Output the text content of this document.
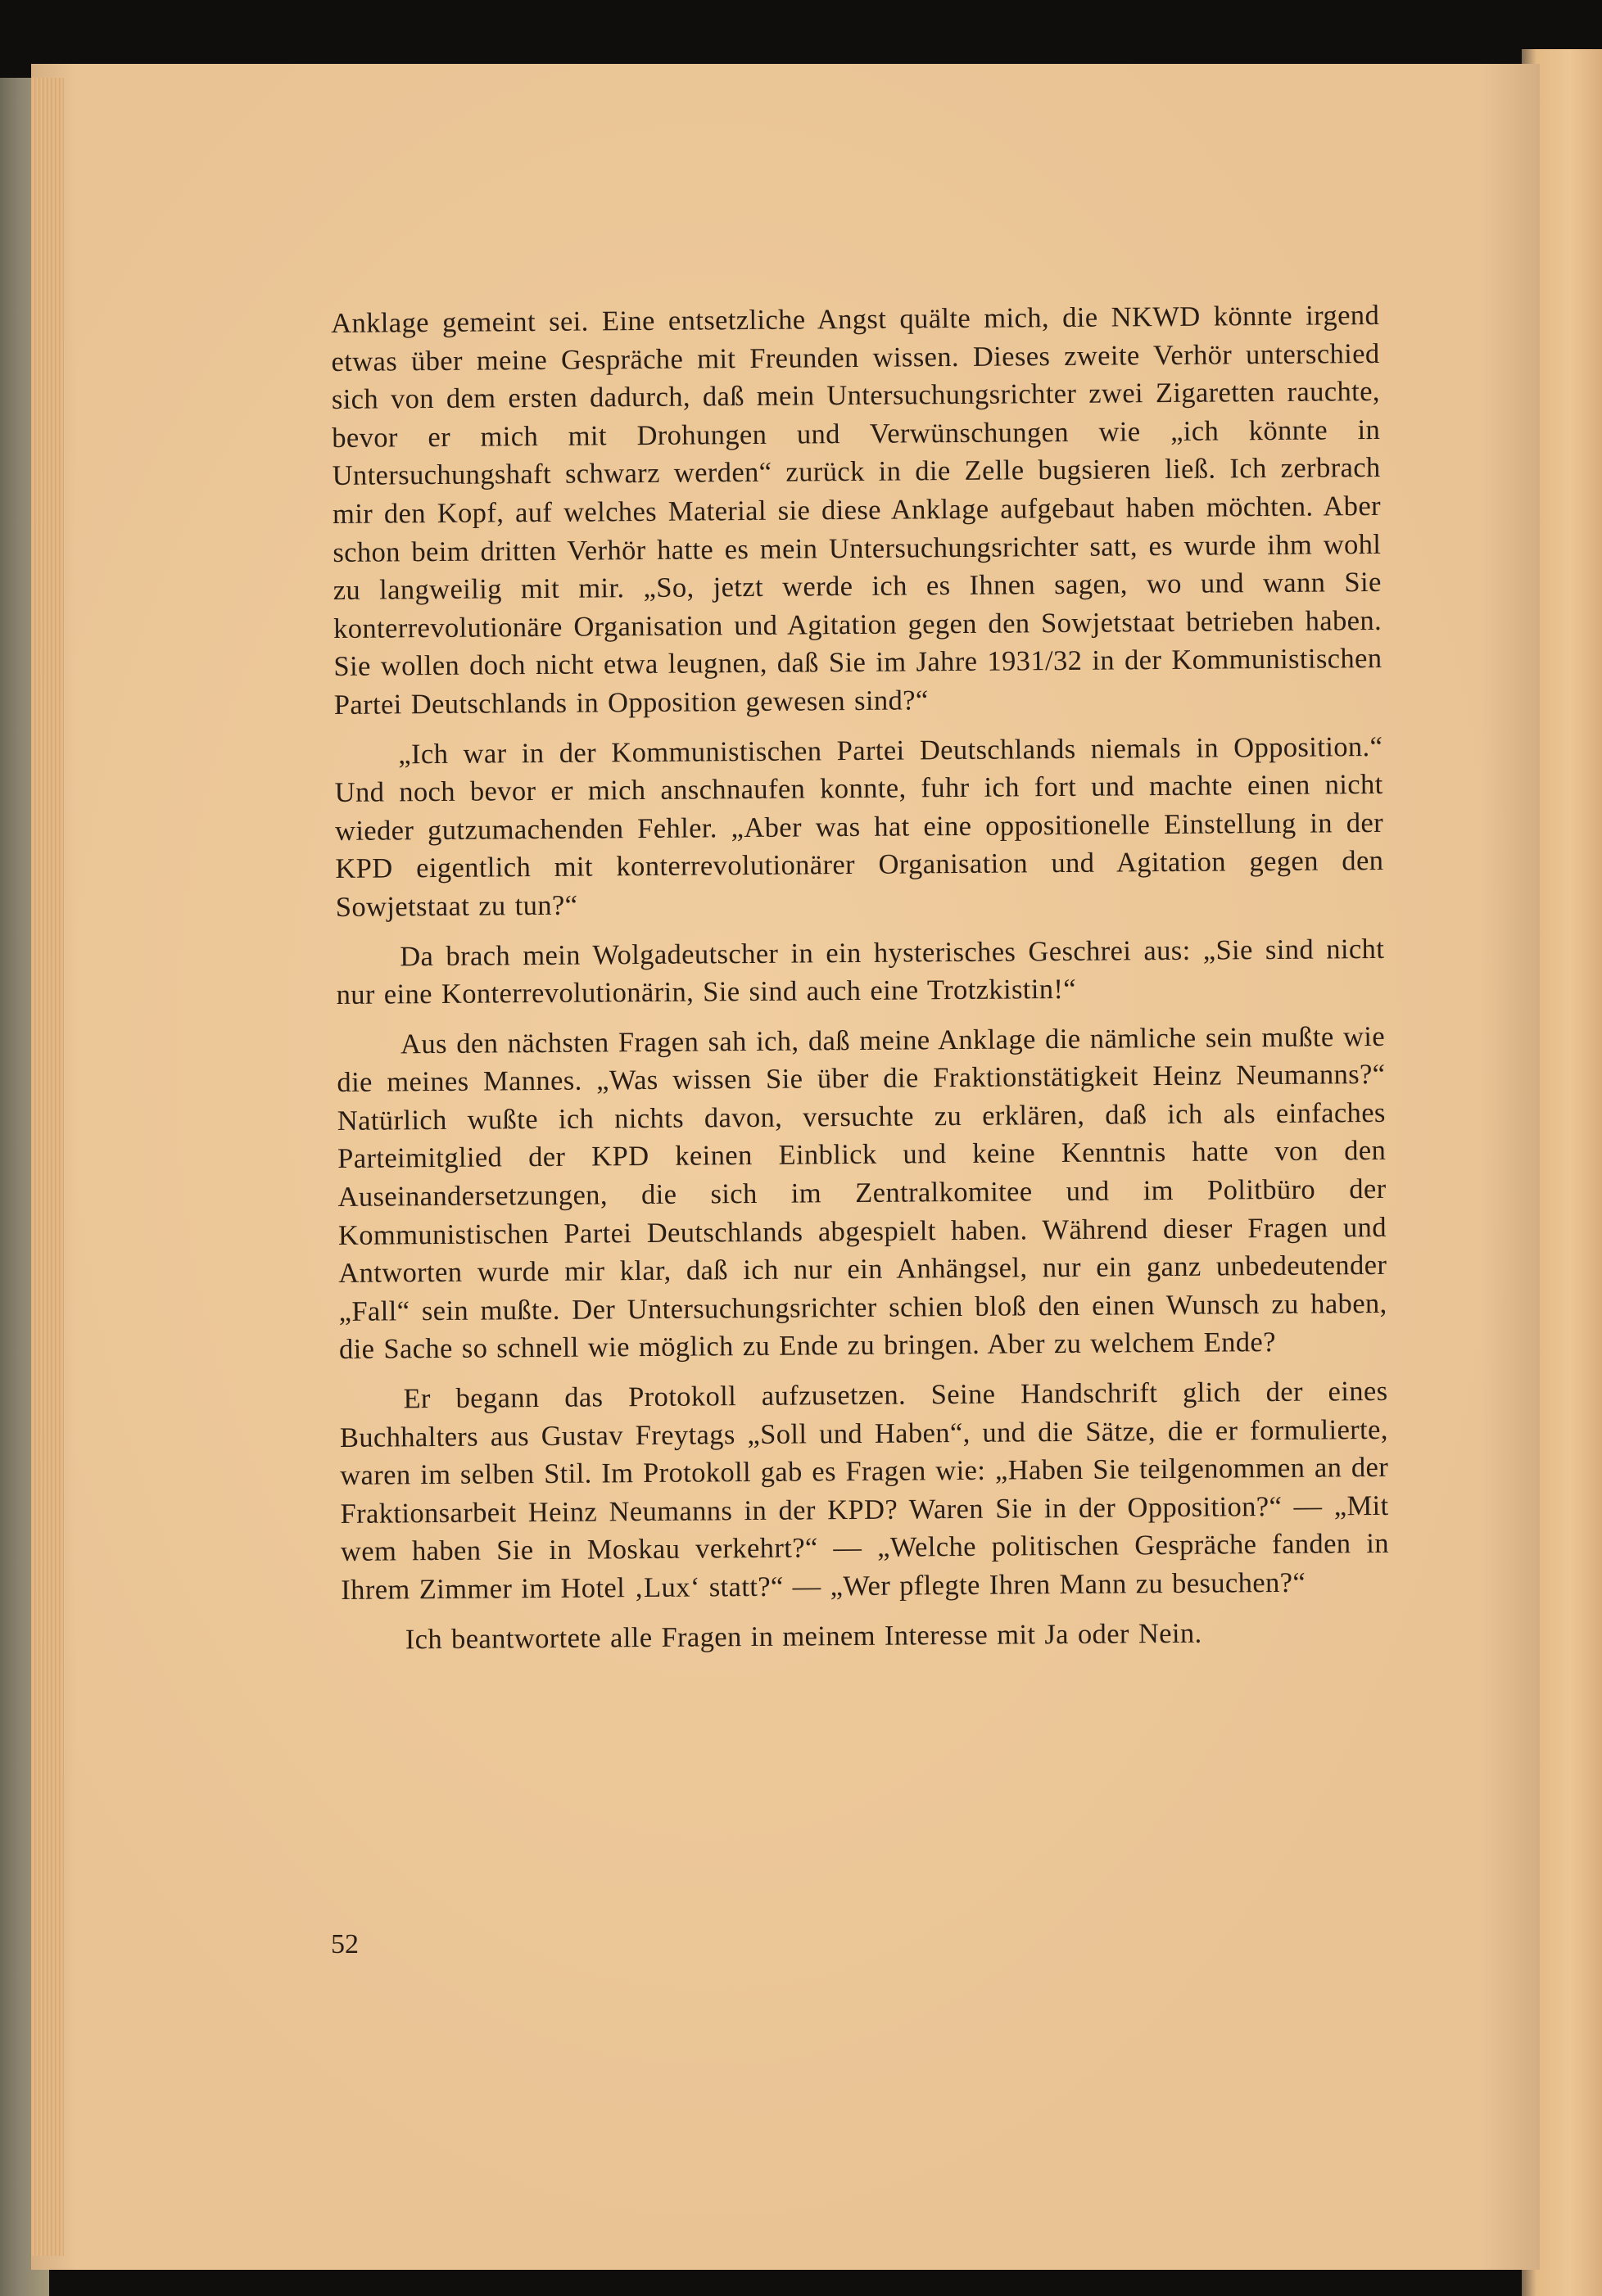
Anklage gemeint sei. Eine entsetzliche Angst quälte mich, die NKWD könnte irgend etwas über meine Gespräche mit Freunden wissen. Dieses zweite Verhör unterschied sich von dem ersten dadurch, daß mein Untersuchungsrichter zwei Zigaretten rauchte, bevor er mich mit Drohungen und Verwünschungen wie „ich könnte in Untersuchungshaft schwarz werden“ zurück in die Zelle bugsieren ließ. Ich zerbrach mir den Kopf, auf welches Material sie diese Anklage aufgebaut haben möchten. Aber schon beim dritten Verhör hatte es mein Untersuchungsrichter satt, es wurde ihm wohl zu langweilig mit mir. „So, jetzt werde ich es Ihnen sagen, wo und wann Sie konterrevolutionäre Organisation und Agitation gegen den Sowjetstaat betrieben haben. Sie wollen doch nicht etwa leugnen, daß Sie im Jahre 1931/32 in der Kommunistischen Partei Deutschlands in Opposition gewesen sind?“

„Ich war in der Kommunistischen Partei Deutschlands niemals in Opposition.“ Und noch bevor er mich anschnaufen konnte, fuhr ich fort und machte einen nicht wieder gutzumachenden Fehler. „Aber was hat eine oppositionelle Einstellung in der KPD eigentlich mit konterrevolutionärer Organisation und Agitation gegen den Sowjetstaat zu tun?“

Da brach mein Wolgadeutscher in ein hysterisches Geschrei aus: „Sie sind nicht nur eine Konterrevolutionärin, Sie sind auch eine Trotzkistin!“

Aus den nächsten Fragen sah ich, daß meine Anklage die nämliche sein mußte wie die meines Mannes. „Was wissen Sie über die Fraktionstätigkeit Heinz Neumanns?“ Natürlich wußte ich nichts davon, versuchte zu erklären, daß ich als einfaches Parteimitglied der KPD keinen Einblick und keine Kenntnis hatte von den Auseinandersetzungen, die sich im Zentralkomitee und im Politbüro der Kommunistischen Partei Deutschlands abgespielt haben. Während dieser Fragen und Antworten wurde mir klar, daß ich nur ein Anhängsel, nur ein ganz unbedeutender „Fall“ sein mußte. Der Untersuchungsrichter schien bloß den einen Wunsch zu haben, die Sache so schnell wie möglich zu Ende zu bringen. Aber zu welchem Ende?

Er begann das Protokoll aufzusetzen. Seine Handschrift glich der eines Buchhalters aus Gustav Freytags „Soll und Haben“, und die Sätze, die er formulierte, waren im selben Stil. Im Protokoll gab es Fragen wie: „Haben Sie teilgenommen an der Fraktionsarbeit Heinz Neumanns in der KPD? Waren Sie in der Opposition?“ — „Mit wem haben Sie in Moskau verkehrt?“ — „Welche politischen Gespräche fanden in Ihrem Zimmer im Hotel ‚Lux‘ statt?“ — „Wer pflegte Ihren Mann zu besuchen?“

Ich beantwortete alle Fragen in meinem Interesse mit Ja oder Nein.

52
